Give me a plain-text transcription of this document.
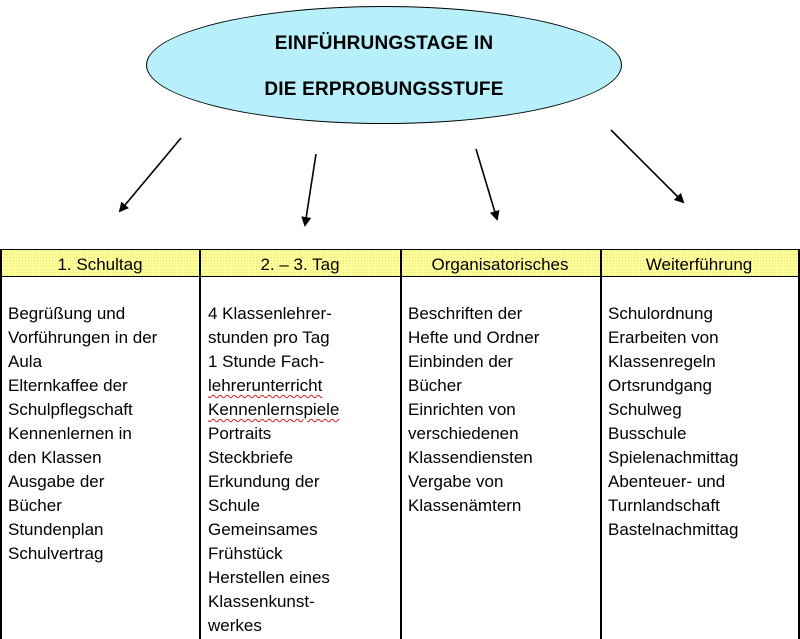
EINFÜHRUNGSTAGE IN
DIE ERPROBUNGSSTUFE
1. Schultag
Begrüßung und
Vorführungen in der
Aula
Elternkaffee der
Schulpflegschaft
Kennenlernen in
den Klassen
Ausgabe der
Bücher
Stundenplan
Schulvertrag
2. – 3. Tag
4 Klassenlehrer-
stunden pro Tag
1 Stunde Fach-
lehrerunterricht
Kennenlernspiele
Portraits
Steckbriefe
Erkundung der
Schule
Gemeinsames
Frühstück
Herstellen eines
Klassenkunst-
werkes
Organisatorisches
Beschriften der
Hefte und Ordner
Einbinden der
Bücher
Einrichten von
verschiedenen
Klassendiensten
Vergabe von
Klassenämtern
Weiterführung
Schulordnung
Erarbeiten von
Klassenregeln
Ortsrundgang
Schulweg
Busschule
Spielenachmittag
Abenteuer- und
Turnlandschaft
Bastelnachmittag
